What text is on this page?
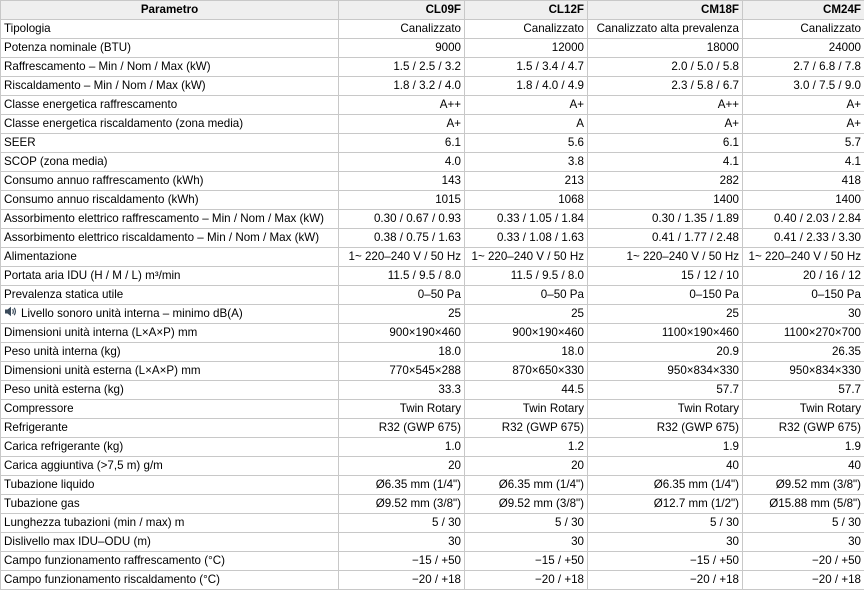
Parametro	CL09F	CL12F	CM18F	CM24F
Tipologia	Canalizzato	Canalizzato	Canalizzato alta prevalenza	Canalizzato
Potenza nominale (BTU)	9000	12000	18000	24000
Raffrescamento – Min / Nom / Max (kW)	1.5 / 2.5 / 3.2	1.5 / 3.4 / 4.7	2.0 / 5.0 / 5.8	2.7 / 6.8 / 7.8
Riscaldamento – Min / Nom / Max (kW)	1.8 / 3.2 / 4.0	1.8 / 4.0 / 4.9	2.3 / 5.8 / 6.7	3.0 / 7.5 / 9.0
Classe energetica raffrescamento	A++	A+	A++	A+
Classe energetica riscaldamento (zona media)	A+	A	A+	A+
SEER	6.1	5.6	6.1	5.7
SCOP (zona media)	4.0	3.8	4.1	4.1
Consumo annuo raffrescamento (kWh)	143	213	282	418
Consumo annuo riscaldamento (kWh)	1015	1068	1400	1400
Assorbimento elettrico raffrescamento – Min / Nom / Max (kW)	0.30 / 0.67 / 0.93	0.33 / 1.05 / 1.84	0.30 / 1.35 / 1.89	0.40 / 2.03 / 2.84
Assorbimento elettrico riscaldamento – Min / Nom / Max (kW)	0.38 / 0.75 / 1.63	0.33 / 1.08 / 1.63	0.41 / 1.77 / 2.48	0.41 / 2.33 / 3.30
Alimentazione	1~ 220–240 V / 50 Hz	1~ 220–240 V / 50 Hz	1~ 220–240 V / 50 Hz	1~ 220–240 V / 50 Hz
Portata aria IDU (H / M / L) m³/min	11.5 / 9.5 / 8.0	11.5 / 9.5 / 8.0	15 / 12 / 10	20 / 16 / 12
Prevalenza statica utile	0–50 Pa	0–50 Pa	0–150 Pa	0–150 Pa
Livello sonoro unità interna – minimo dB(A)	25	25	25	30
Dimensioni unità interna (L×A×P) mm	900×190×460	900×190×460	1100×190×460	1100×270×700
Peso unità interna (kg)	18.0	18.0	20.9	26.35
Dimensioni unità esterna (L×A×P) mm	770×545×288	870×650×330	950×834×330	950×834×330
Peso unità esterna (kg)	33.3	44.5	57.7	57.7
Compressore	Twin Rotary	Twin Rotary	Twin Rotary	Twin Rotary
Refrigerante	R32 (GWP 675)	R32 (GWP 675)	R32 (GWP 675)	R32 (GWP 675)
Carica refrigerante (kg)	1.0	1.2	1.9	1.9
Carica aggiuntiva (>7,5 m) g/m	20	20	40	40
Tubazione liquido	Ø6.35 mm (1/4")	Ø6.35 mm (1/4")	Ø6.35 mm (1/4")	Ø9.52 mm (3/8")
Tubazione gas	Ø9.52 mm (3/8")	Ø9.52 mm (3/8")	Ø12.7 mm (1/2")	Ø15.88 mm (5/8")
Lunghezza tubazioni (min / max) m	5 / 30	5 / 30	5 / 30	5 / 30
Dislivello max IDU–ODU (m)	30	30	30	30
Campo funzionamento raffrescamento (°C)	−15 / +50	−15 / +50	−15 / +50	−20 / +50
Campo funzionamento riscaldamento (°C)	−20 / +18	−20 / +18	−20 / +18	−20 / +18
